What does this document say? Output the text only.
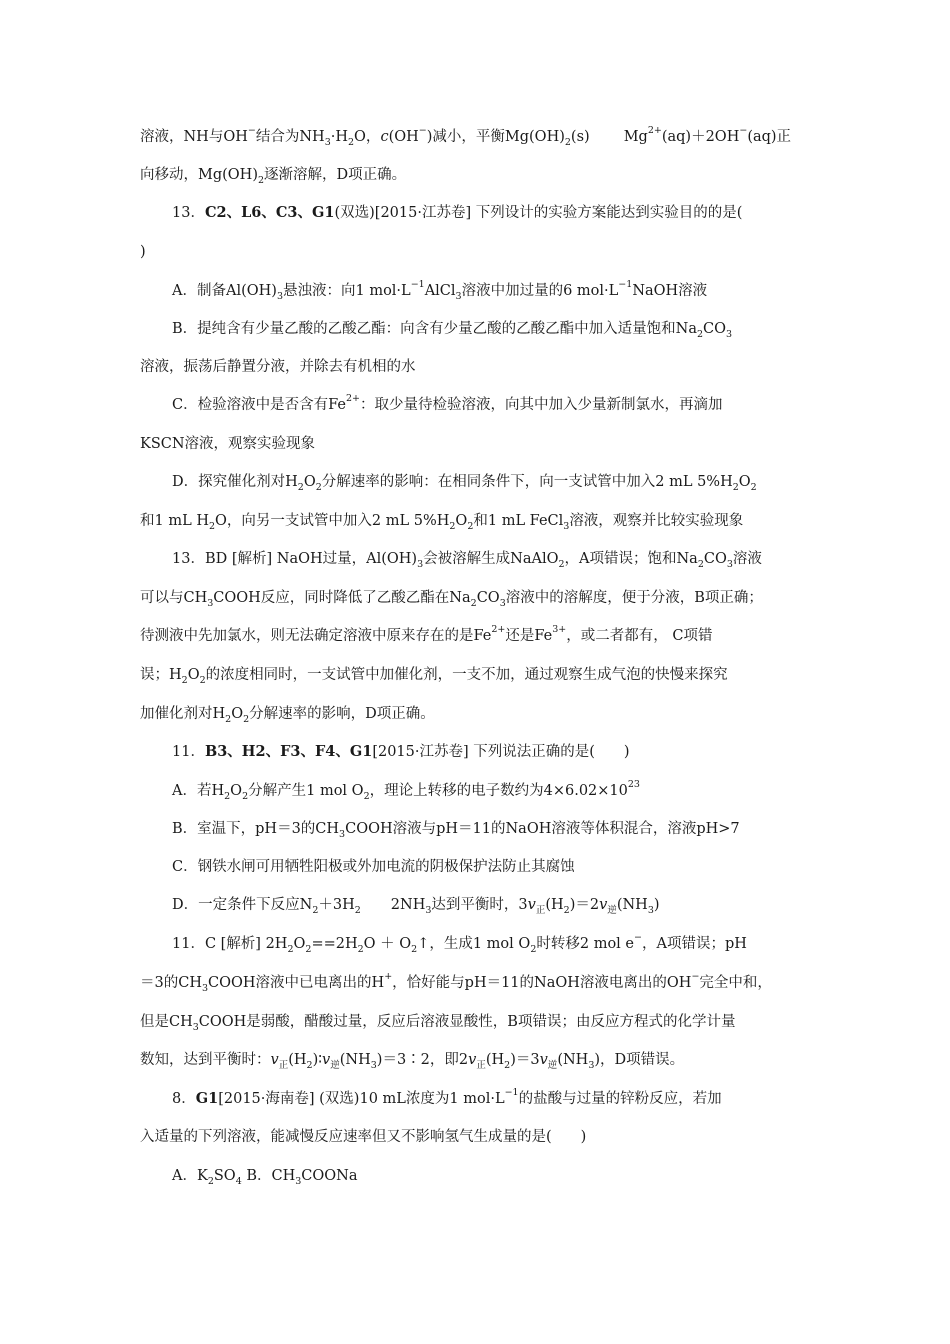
溶液，NH与OH−结合为$NH_3\cdot H_2O$，c(OH−)减小，平衡$Mg(OH)_2(s)$ $Mg^{2+}(aq)+2OH^-(aq)$正
向移动，$Mg(OH)_2$逐渐溶解，D项正确。
13．C2、L6、C3、G1(双选)[2015·江苏卷] 下列设计的实验方案能达到实验目的的是(
)
A．制备$Al(OH)_3$悬浊液：向1 $mol\cdot L^{-1}AlCl_3$溶液中加过量的6 $mol\cdot L^{-1}NaOH$溶液
B．提纯含有少量乙酸的乙酸乙酯：向含有少量乙酸的乙酸乙酯中加入适量饱和$Na_2CO_3$
溶液，振荡后静置分液，并除去有机相的水
C．检验溶液中是否含有$Fe^{2+}$：取少量待检验溶液，向其中加入少量新制氯水，再滴加
KSCN溶液，观察实验现象
D．探究催化剂对$H_2O_2$分解速率的影响：在相同条件下，向一支试管中加入2 mL $5\%H_2O_2$
和1 mL $H_2O$，向另一支试管中加入2 mL $5\%H_2O_2$和1 mL FeCl$_3$溶液，观察并比较实验现象
13．BD [解析] NaOH过量，$Al(OH)_3$会被溶解生成NaAlO$_2$，A项错误；饱和$Na_2CO_3$溶液
可以与$CH_3COOH$反应，同时降低了乙酸乙酯在$Na_2CO_3$溶液中的溶解度，便于分液，B项正确；
待测液中先加氯水，则无法确定溶液中原来存在的是$Fe^{2+}$还是$Fe^{3+}$，或二者都有， C项错
误；$H_2O_2$的浓度相同时，一支试管中加催化剂，一支不加，通过观察生成气泡的快慢来探究
加催化剂对$H_2O_2$分解速率的影响，D项正确。
11．B3、H2、F3、F4、G1[2015·江苏卷] 下列说法正确的是(　　)
A．若$H_2O_2$分解产生1 mol $O_2$，理论上转移的电子数约为$4\times 6.02\times 10^{23}$
B．室温下，pH＝3的$CH_3COOH$溶液与pH＝11的NaOH溶液等体积混合，溶液pH>7
C．钢铁水闸可用牺牲阳极或外加电流的阴极保护法防止其腐蚀
D．一定条件下反应$N_2+3H_2$ $2NH_3$达到平衡时，$3v_正(H_2)=2v_逆(NH_3)$
11．C [解析] $2H_2O_2==2H_2O$ ＋ $O_2↑$，生成1 mol $O_2$时转移2 mol e−，A项错误；pH
＝3的$CH_3COOH$溶液中已电离出的H+，恰好能与pH＝11的NaOH溶液电离出的OH−完全中和，
但是$CH_3COOH$是弱酸，醋酸过量，反应后溶液显酸性，B项错误；由反应方程式的化学计量
数知，达到平衡时：$v_正(H_2)∶v_逆(NH_3)=3∶2$，即$2v_正(H_2)=3v_逆(NH_3)$，D项错误。
8．G1[2015·海南卷] (双选)10 mL浓度为1 $mol\cdot L^{-1}$的盐酸与过量的锌粉反应，若加
入适量的下列溶液，能减慢反应速率但又不影响氢气生成量的是(　　)
A．$K_2SO_4$ B．$CH_3COONa$
